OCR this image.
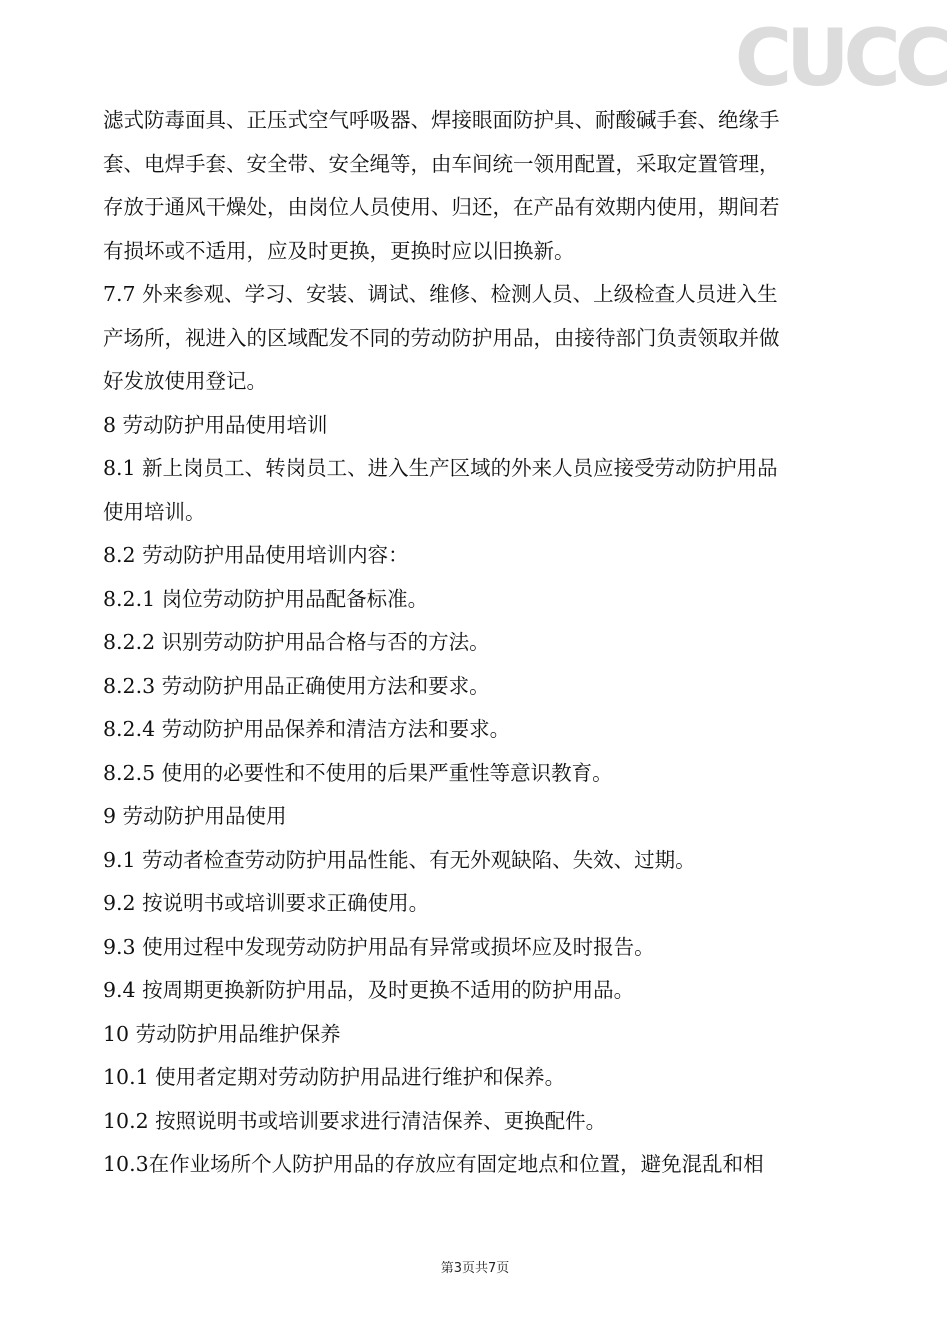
CUCC
滤式防毒面具、正压式空气呼吸器、焊接眼面防护具、耐酸碱手套、绝缘手
套、电焊手套、安全带、安全绳等，由车间统一领用配置，采取定置管理，
存放于通风干燥处，由岗位人员使用、归还，在产品有效期内使用，期间若
有损坏或不适用，应及时更换，更换时应以旧换新。
7.7 外来参观、学习、安装、调试、维修、检测人员、上级检查人员进入生
产场所，视进入的区域配发不同的劳动防护用品，由接待部门负责领取并做
好发放使用登记。
8 劳动防护用品使用培训
8.1 新上岗员工、转岗员工、进入生产区域的外来人员应接受劳动防护用品
使用培训。
8.2 劳动防护用品使用培训内容：
8.2.1 岗位劳动防护用品配备标准。
8.2.2 识别劳动防护用品合格与否的方法。
8.2.3 劳动防护用品正确使用方法和要求。
8.2.4 劳动防护用品保养和清洁方法和要求。
8.2.5 使用的必要性和不使用的后果严重性等意识教育。
9 劳动防护用品使用
9.1 劳动者检查劳动防护用品性能、有无外观缺陷、失效、过期。
9.2 按说明书或培训要求正确使用。
9.3 使用过程中发现劳动防护用品有异常或损坏应及时报告。
9.4 按周期更换新防护用品，及时更换不适用的防护用品。
10 劳动防护用品维护保养
10.1 使用者定期对劳动防护用品进行维护和保养。
10.2 按照说明书或培训要求进行清洁保养、更换配件。
10.3在作业场所个人防护用品的存放应有固定地点和位置，避免混乱和相
第3页共7页
